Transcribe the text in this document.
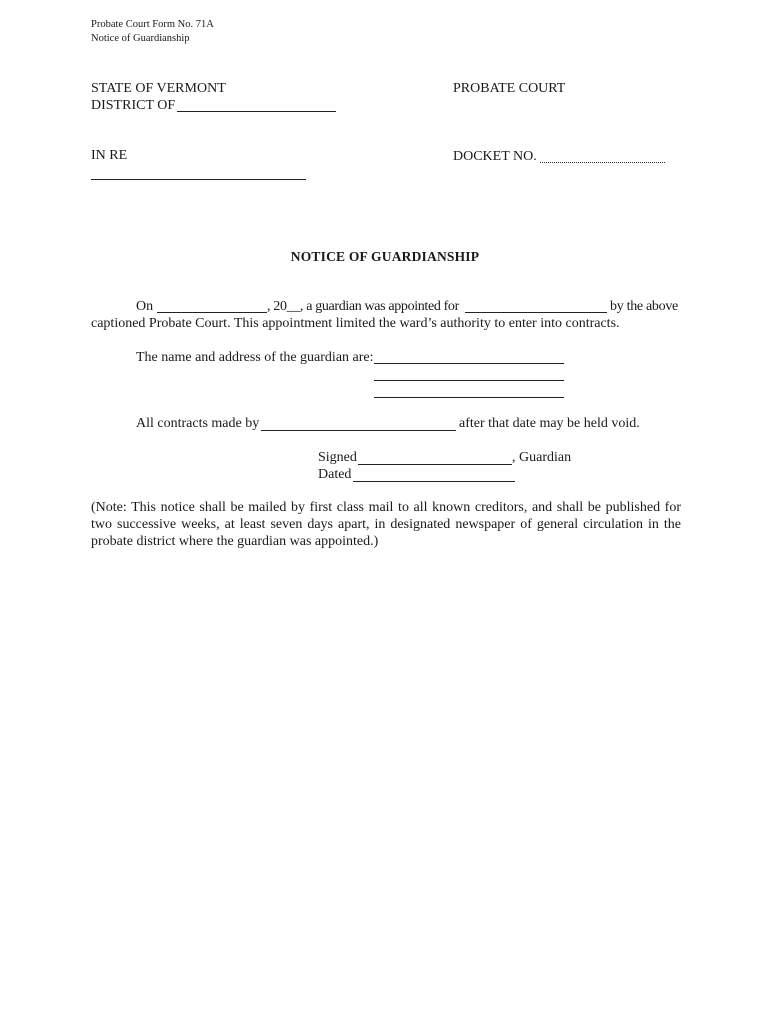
Probate Court Form No. 71A
Notice of Guardianship
STATE OF VERMONT
DISTRICT OF
PROBATE COURT
IN RE	DOCKET NO.
NOTICE OF GUARDIANSHIP
On	, 20__, a guardian was appointed for	by the above
captioned Probate Court. This appointment limited the ward’s authority to enter into contracts.
The name and address of the guardian are:
All contracts made by	after that date may be held void.
Signed	, Guardian
Dated
(Note: This notice shall be mailed by first class mail to all known creditors, and shall be published for two successive weeks, at least seven days apart, in designated newspaper of general circulation in the probate district where the guardian was appointed.)
